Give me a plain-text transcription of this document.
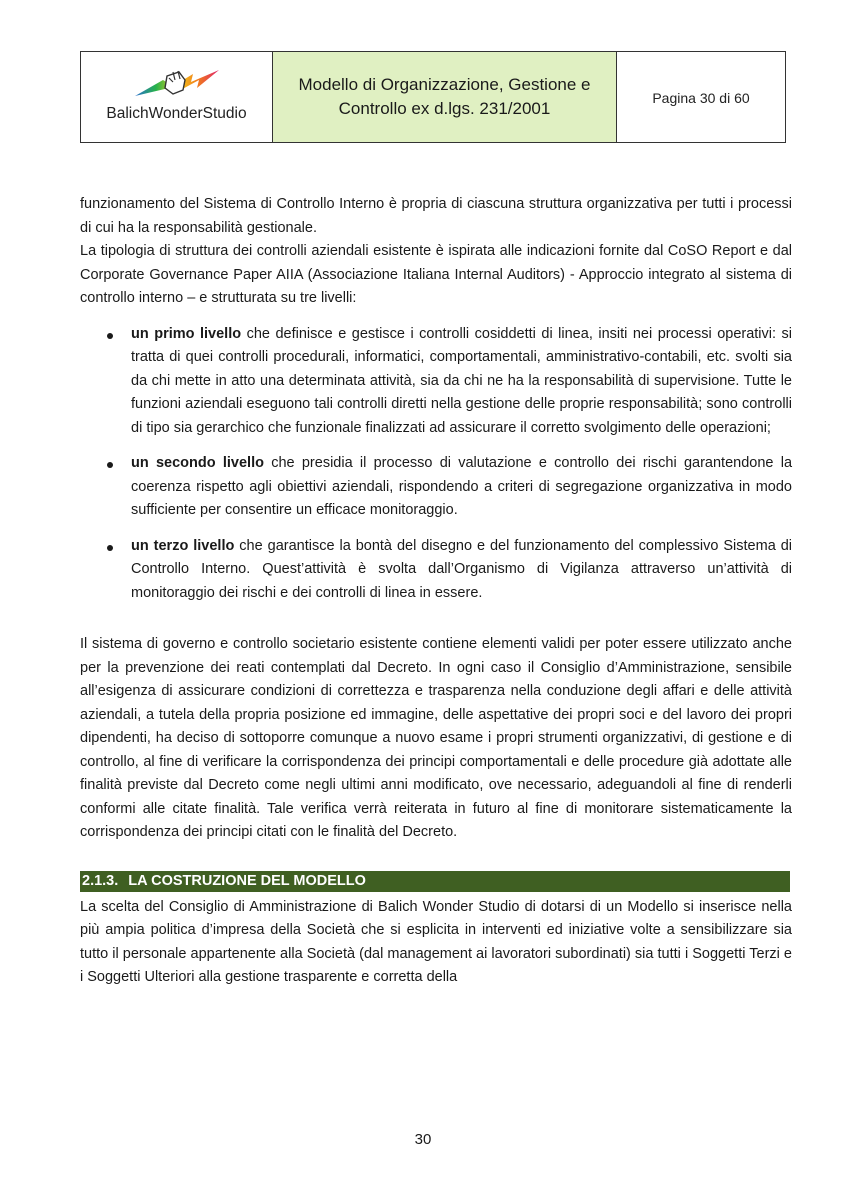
BalichWonderStudio
Modello di Organizzazione, Gestione e
Controllo ex d.lgs. 231/2001
Pagina 30 di 60

funzionamento del Sistema di Controllo Interno è propria di ciascuna struttura organizzativa per tutti i processi di cui ha la responsabilità gestionale.

La tipologia di struttura dei controlli aziendali esistente è ispirata alle indicazioni fornite dal CoSO Report e dal Corporate Governance Paper AIIA (Associazione Italiana Internal Auditors) - Approccio integrato al sistema di controllo interno – e strutturata su tre livelli:

un primo livello che definisce e gestisce i controlli cosiddetti di linea, insiti nei processi operativi: si tratta di quei controlli procedurali, informatici, comportamentali, amministrativo-contabili, etc. svolti sia da chi mette in atto una determinata attività, sia da chi ne ha la responsabilità di supervisione. Tutte le funzioni aziendali eseguono tali controlli diretti nella gestione delle proprie responsabilità; sono controlli di tipo sia gerarchico che funzionale finalizzati ad assicurare il corretto svolgimento delle operazioni;
un secondo livello che presidia il processo di valutazione e controllo dei rischi garantendone la coerenza rispetto agli obiettivi aziendali, rispondendo a criteri di segregazione organizzativa in modo sufficiente per consentire un efficace monitoraggio.
un terzo livello che garantisce la bontà del disegno e del funzionamento del complessivo Sistema di Controllo Interno. Quest’attività è svolta dall’Organismo di Vigilanza attraverso un’attività di monitoraggio dei rischi e dei controlli di linea in essere.

Il sistema di governo e controllo societario esistente contiene elementi validi per poter essere utilizzato anche per la prevenzione dei reati contemplati dal Decreto. In ogni caso il Consiglio d’Amministrazione, sensibile all’esigenza di assicurare condizioni di correttezza e trasparenza nella conduzione degli affari e delle attività aziendali, a tutela della propria posizione ed immagine, delle aspettative dei propri soci e del lavoro dei propri dipendenti, ha deciso di sottoporre comunque a nuovo esame i propri strumenti organizzativi, di gestione e di controllo, al fine di verificare la corrispondenza dei principi comportamentali e delle procedure già adottate alle finalità previste dal Decreto come negli ultimi anni modificato, ove necessario, adeguandoli al fine di renderli conformi alle citate finalità. Tale verifica verrà reiterata in futuro al fine di monitorare sistematicamente la corrispondenza dei principi citati con le finalità del Decreto.

2.1.3. LA COSTRUZIONE DEL MODELLO

La scelta del Consiglio di Amministrazione di Balich Wonder Studio di dotarsi di un Modello si inserisce nella più ampia politica d’impresa della Società che si esplicita in interventi ed iniziative volte a sensibilizzare sia tutto il personale appartenente alla Società (dal management ai lavoratori subordinati) sia tutti i Soggetti Terzi e i Soggetti Ulteriori alla gestione trasparente e corretta della

30
